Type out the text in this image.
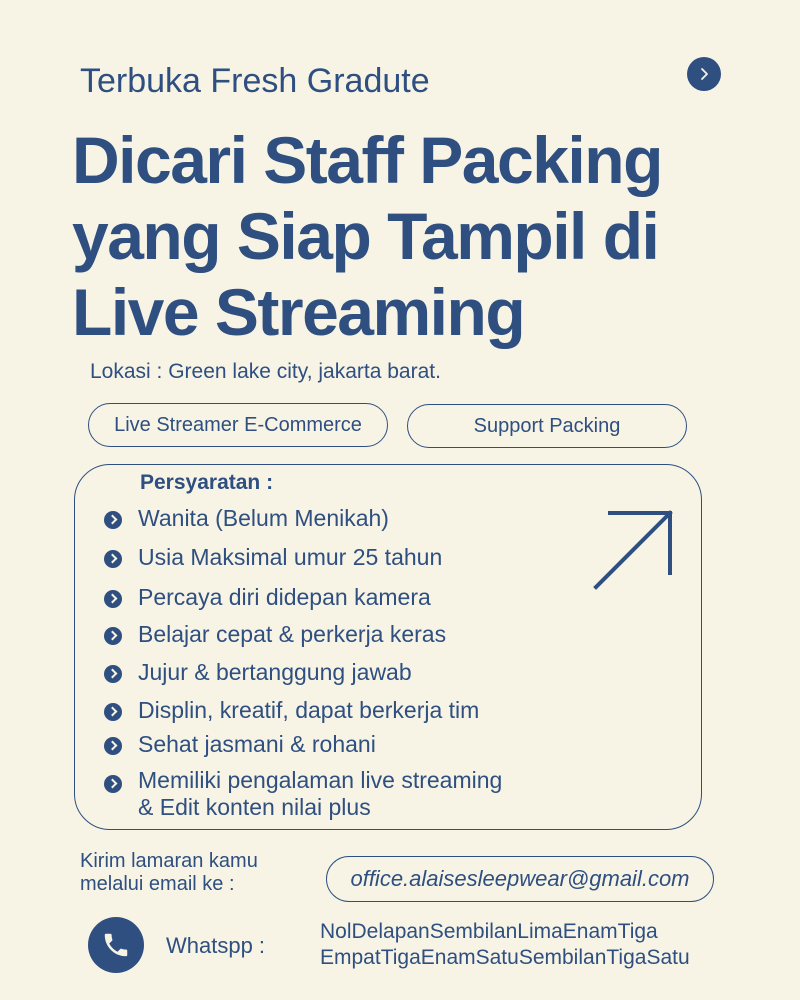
Terbuka Fresh Gradute
Dicari Staff Packing
yang Siap Tampil di
Live Streaming
Lokasi : Green lake city, jakarta barat.
Live Streamer E-Commerce	Support Packing
Persyaratan :
Wanita (Belum Menikah)
Usia Maksimal umur 25 tahun
Percaya diri didepan kamera
Belajar cepat & perkerja keras
Jujur & bertanggung jawab
Displin, kreatif, dapat berkerja tim
Sehat jasmani & rohani
Memiliki pengalaman live streaming
& Edit konten nilai plus
Kirim lamaran kamu
melalui email ke :	office.alaisesleepwear@gmail.com
Whatspp :
NolDelapanSembilanLimaEnamTiga
EmpatTigaEnamSatuSembilanTigaSatu
